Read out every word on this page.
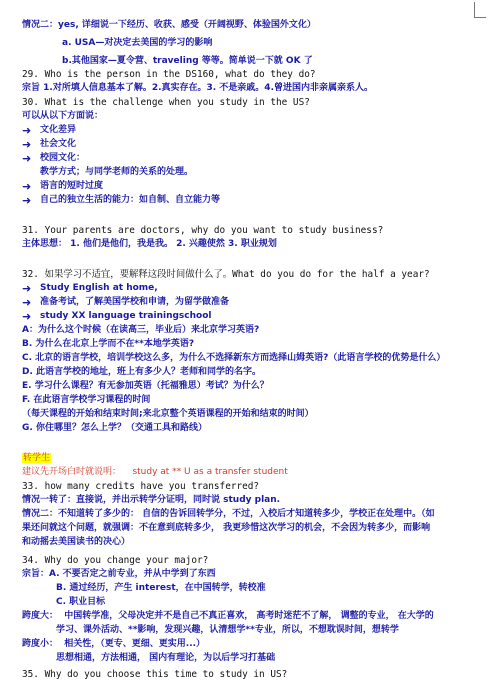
情况二：yes, 详细说一下经历、收获、感受（开阔视野、体验国外文化）
a. USA—对决定去美国的学习的影响
b.其他国家—夏令营、traveling 等等。简单说一下就 OK 了
29. Who is the person in the DS160, what do they do?
宗旨 1.对所填人信息基本了解。2.真实存在。3. 不是亲戚。4.曾进国内非亲属亲系人。
30. What is the challenge when you study in the US?
可以从以下方面说：
➜ 文化差异
➜ 社会文化
➜ 校园文化：
教学方式；与同学老师的关系的处理。
➜ 语言的短时过度
➜ 自己的独立生活的能力：如自制、自立能力等
31. Your parents are doctors, why do you want to study business?
主体思想： 1. 他们是他们，我是我。 2. 兴趣使然 3. 职业规划
32. 如果学习不适宜，要解释这段时间做什么了。What do you do for the half a year?
➜ Study English at home,
➜ 准备考试，了解美国学校和申请，为留学做准备
➜ study XX language trainingschool
A：为什么这个时候（在读高三，毕业后）来北京学习英语?
B. 为什么在北京上学而不在**本地学英语?
C. 北京的语言学校，培训学校这么多，为什么不选择新东方而选择山姆英语?（此语言学校的优势是什么）
D. 此语言学校的地址，班上有多少人？老师和同学的名字。
E. 学习什么课程？有无参加英语（托福雅思）考试？为什么？
F. 在此语言学校学习课程的时间
（每天课程的开始和结束时间;来北京整个英语课程的开始和结束的时间）
G. 你住哪里？怎么上学？（交通工具和路线）
转学生
建议先开场白时就说明： study at ** U as a transfer student
33. how many credits have you transferred?
情况一转了：直接说，并出示转学分证明，同时说 study plan.
情况二：不知道转了多少的： 自信的告诉回转学分，不过，入校后才知道转多少，学校正在处理中。（如
果还问就这个问题，就强调：不在意到底转多少， 我更珍惜这次学习的机会，不会因为转多少，而影响
和动摇去美国读书的决心）
34. Why do you change your major?
宗旨：A. 不要否定之前专业，并从中学到了东西
B. 通过经历，产生 interest，在中国转学，转校准
C. 职业目标
跨度大： 中国转学准，父母决定并不是自己不真正喜欢， 高考时迷茫不了解， 调整的专业， 在大学的
学习、课外活动、**影响，发现兴趣，认清想学**专业，所以，不想耽误时间，想转学
跨度小： 相关性，（更专、更细、更实用...）
思想相通，方法相通， 国内有理论，为以后学习打基础
35. Why do you choose this time to study in US?
